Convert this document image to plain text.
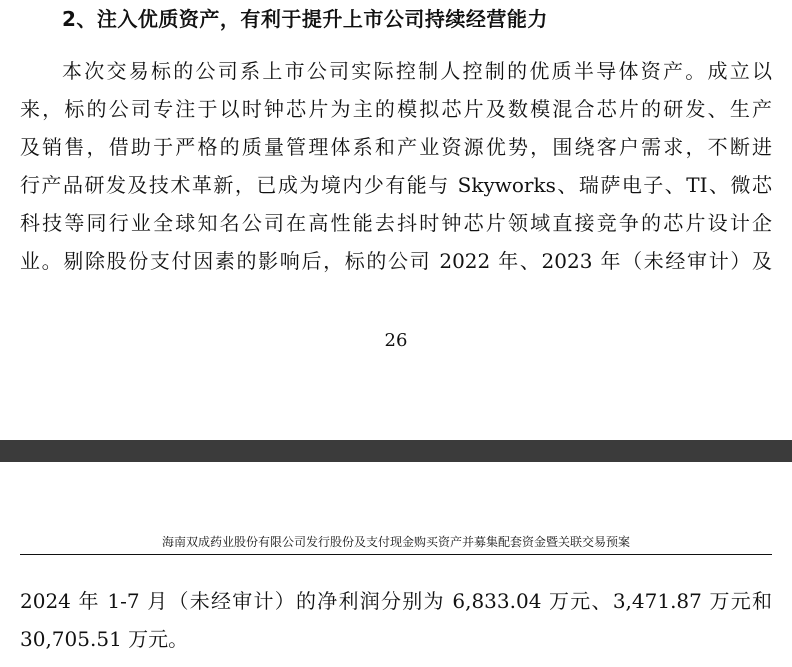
2、注入优质资产，有利于提升上市公司持续经营能力
本次交易标的公司系上市公司实际控制人控制的优质半导体资产。成立以
来，标的公司专注于以时钟芯片为主的模拟芯片及数模混合芯片的研发、生产
及销售，借助于严格的质量管理体系和产业资源优势，围绕客户需求，不断进
行产品研发及技术革新，已成为境内少有能与 Skyworks、瑞萨电子、TI、微芯
科技等同行业全球知名公司在高性能去抖时钟芯片领域直接竞争的芯片设计企
业。剔除股份支付因素的影响后，标的公司 2022 年、2023 年（未经审计）及
26
海南双成药业股份有限公司发行股份及支付现金购买资产并募集配套资金暨关联交易预案
2024 年 1-7 月（未经审计）的净利润分别为 6,833.04 万元、3,471.87 万元和
30,705.51 万元。
